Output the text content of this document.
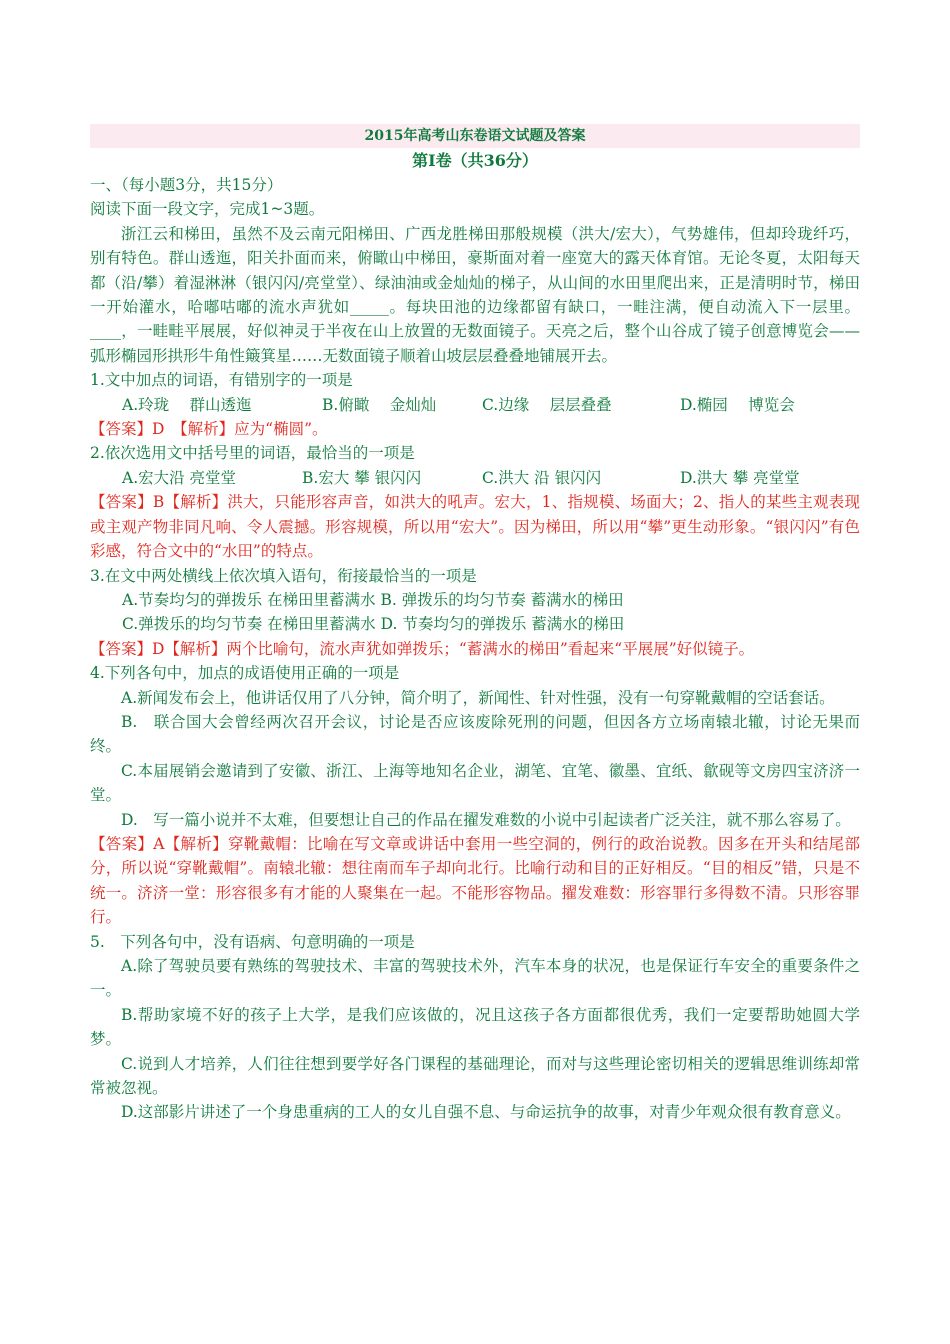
2015年高考山东卷语文试题及答案
第Ⅰ卷（共36分）
一、（每小题3分，共15分）
阅读下面一段文字，完成1~3题。

浙江云和梯田，虽然不及云南元阳梯田、广西龙胜梯田那般规模（洪大/宏大），气势雄伟，但却玲珑纤巧，别有特色。群山透迤，阳关扑面而来，俯瞰山中梯田，豪斯面对着一座宽大的露天体育馆。无论冬夏，太阳每天都（沿/攀）着湿淋淋（银闪闪/亮堂堂）、绿油油或金灿灿的梯子，从山间的水田里爬出来，正是清明时节，梯田一开始灌水，哈嘟咕嘟的流水声犹如_____。每块田池的边缘都留有缺口，一畦注满，便自动流入下一层里。____，一畦畦平展展，好似神灵于半夜在山上放置的无数面镜子。天亮之后，整个山谷成了镜子创意博览会——弧形椭园形拱形牛角性簸箕星……无数面镜子顺着山坡层层叠叠地铺展开去。

1.文中加点的词语，有错别字的一项是
A.玲珑　 群山透迤	B.俯瞰　 金灿灿	C.边缘　 层层叠叠	D.椭园　 博览会
【答案】D　【解析】应为“椭圆”。
2.依次选用文中括号里的词语，最恰当的一项是
A.宏大沿 亮堂堂	B.宏大 攀 银闪闪	C.洪大 沿 银闪闪	D.洪大 攀 亮堂堂

【答案】B【解析】洪大，只能形容声音，如洪大的吼声。宏大，1、指规模、场面大；2、指人的某些主观表现或主观产物非同凡响、令人震撼。形容规模，所以用“宏大”。因为梯田，所以用“攀”更生动形象。“银闪闪”有色彩感，符合文中的“水田”的特点。

3.在文中两处横线上依次填入语句，衔接最恰当的一项是
A.节奏均匀的弹拨乐 在梯田里蓄满水 B. 弹拨乐的均匀节奏 蓄满水的梯田
C.弹拨乐的均匀节奏 在梯田里蓄满水 D. 节奏均匀的弹拨乐 蓄满水的梯田
【答案】D【解析】两个比喻句，流水声犹如弹拨乐；“蓄满水的梯田”看起来“平展展”好似镜子。
4.下列各句中，加点的成语使用正确的一项是

A.新闻发布会上，他讲话仅用了八分钟，简介明了，新闻性、针对性强，没有一句穿靴戴帽的空话套话。

B.　联合国大会曾经两次召开会议，讨论是否应该废除死刑的问题，但因各方立场南辕北辙，讨论无果而终。

C.本届展销会邀请到了安徽、浙江、上海等地知名企业，湖笔、宜笔、徽墨、宜纸、歙砚等文房四宝济济一堂。

D.　写一篇小说并不太难，但要想让自己的作品在擢发难数的小说中引起读者广泛关注，就不那么容易了。

【答案】A【解析】穿靴戴帽：比喻在写文章或讲话中套用一些空洞的，例行的政治说教。因多在开头和结尾部分，所以说“穿靴戴帽”。南辕北辙：想往南而车子却向北行。比喻行动和目的正好相反。“目的相反”错，只是不统一。济济一堂：形容很多有才能的人聚集在一起。不能形容物品。擢发难数：形容罪行多得数不清。只形容罪行。

5.　下列各句中，没有语病、句意明确的一项是

A.除了驾驶员要有熟练的驾驶技术、丰富的驾驶技术外，汽车本身的状况，也是保证行车安全的重要条件之一。

B.帮助家境不好的孩子上大学，是我们应该做的，况且这孩子各方面都很优秀，我们一定要帮助她圆大学梦。

C.说到人才培养，人们往往想到要学好各门课程的基础理论，而对与这些理论密切相关的逻辑思维训练却常常被忽视。

D.这部影片讲述了一个身患重病的工人的女儿自强不息、与命运抗争的故事，对青少年观众很有教育意义。
